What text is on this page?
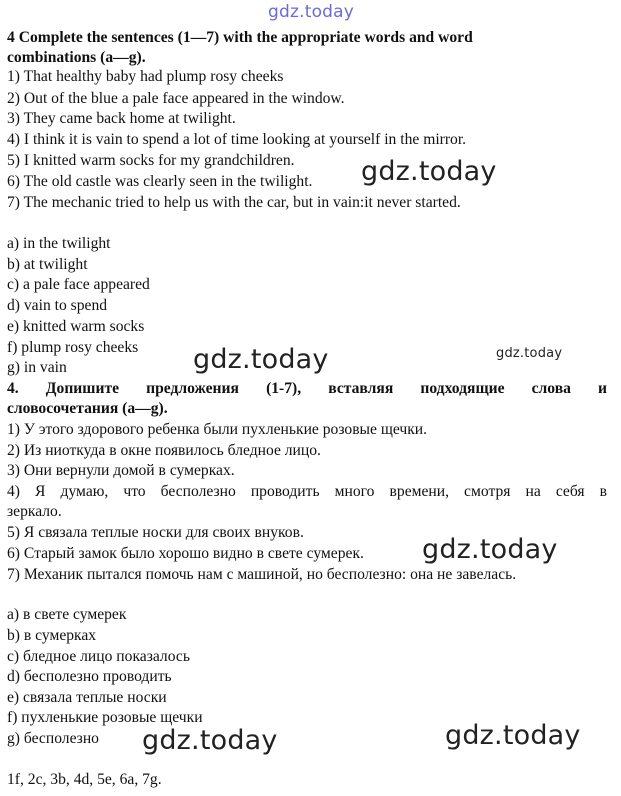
gdz.today
4 Complete the sentences (1—7) with the appropriate words and word
combinations (a—g).
1) That healthy baby had plump rosy cheeks
2) Out of the blue a pale face appeared in the window.
3) They came back home at twilight.
4) I think it is vain to spend a lot of time looking at yourself in the mirror.
5) I knitted warm socks for my grandchildren.
6) The old castle was clearly seen in the twilight.
7) The mechanic tried to help us with the car, but in vain:it never started.
gdz.today
a) in the twilight
b) at twilight
c) a pale face appeared
d) vain to spend
e) knitted warm socks
f) plump rosy cheeks
g) in vain	gdz.today	gdz.today
4. Допишите предложения (1-7), вставляя подходящие слова и
словосочетания (a—g).
1) У этого здорового ребенка были пухленькие розовые щечки.
2) Из ниоткуда в окне появилось бледное лицо.
3) Они вернули домой в сумерках.
4) Я думаю, что бесполезно проводить много времени, смотря на себя в
зеркало.
5) Я связала теплые носки для своих внуков.
6) Старый замок было хорошо видно в свете сумерек.
7) Механик пытался помочь нам с машиной, но бесполезно: она не завелась.
gdz.today
a) в свете сумерек
b) в сумерках
c) бледное лицо показалось
d) бесполезно проводить
e) связала теплые носки
f) пухленькие розовые щечки
g) бесполезно gdz.today	gdz.today
1f, 2c, 3b, 4d, 5e, 6a, 7g.
